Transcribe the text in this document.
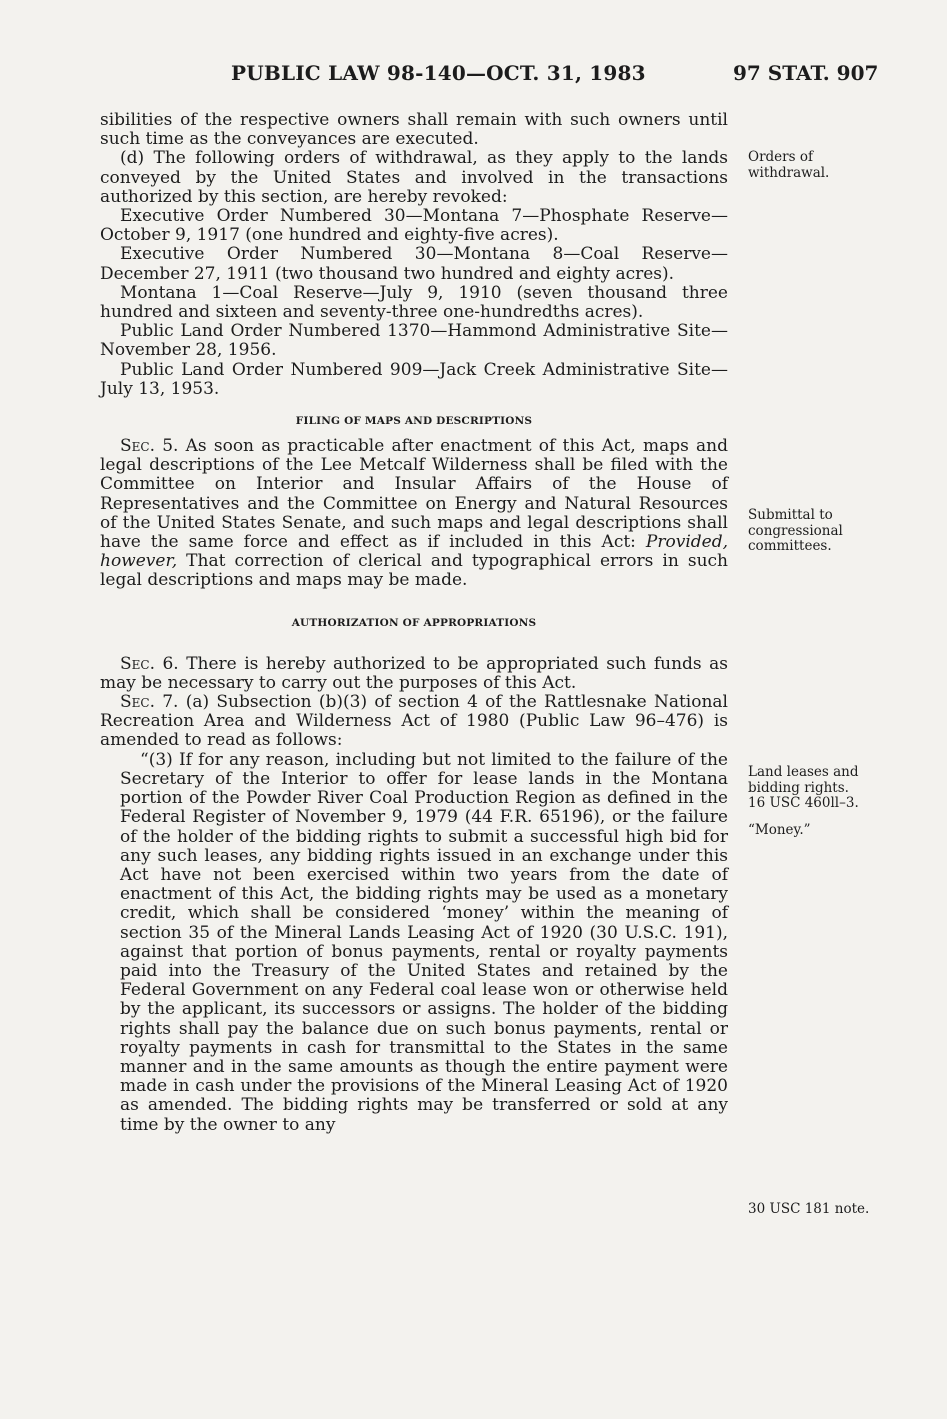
PUBLIC LAW 98-140—OCT. 31, 1983	97 STAT. 907

sibilities of the respective owners shall remain with such owners until such time as the conveyances are executed.

(d) The following orders of withdrawal, as they apply to the lands conveyed by the United States and involved in the transactions authorized by this section, are hereby revoked:

Executive Order Numbered 30—Montana 7—Phosphate Reserve—October 9, 1917 (one hundred and eighty-five acres).

Executive Order Numbered 30—Montana 8—Coal Reserve—December 27, 1911 (two thousand two hundred and eighty acres).

Montana 1—Coal Reserve—July 9, 1910 (seven thousand three hundred and sixteen and seventy-three one-hundredths acres).

Public Land Order Numbered 1370—Hammond Administrative Site—November 28, 1956.

Public Land Order Numbered 909—Jack Creek Administrative Site—July 13, 1953.

FILING OF MAPS AND DESCRIPTIONS

Sec. 5. As soon as practicable after enactment of this Act, maps and legal descriptions of the Lee Metcalf Wilderness shall be filed with the Committee on Interior and Insular Affairs of the House of Representatives and the Committee on Energy and Natural Resources of the United States Senate, and such maps and legal descriptions shall have the same force and effect as if included in this Act: Provided, however, That correction of clerical and typographical errors in such legal descriptions and maps may be made.

AUTHORIZATION OF APPROPRIATIONS

Sec. 6. There is hereby authorized to be appropriated such funds as may be necessary to carry out the purposes of this Act.

Sec. 7. (a) Subsection (b)(3) of section 4 of the Rattlesnake National Recreation Area and Wilderness Act of 1980 (Public Law 96–476) is amended to read as follows:

“(3) If for any reason, including but not limited to the failure of the Secretary of the Interior to offer for lease lands in the Montana portion of the Powder River Coal Production Region as defined in the Federal Register of November 9, 1979 (44 F.R. 65196), or the failure of the holder of the bidding rights to submit a successful high bid for any such leases, any bidding rights issued in an exchange under this Act have not been exercised within two years from the date of enactment of this Act, the bidding rights may be used as a monetary credit, which shall be considered ‘money’ within the meaning of section 35 of the Mineral Lands Leasing Act of 1920 (30 U.S.C. 191), against that portion of bonus payments, rental or royalty payments paid into the Treasury of the United States and retained by the Federal Government on any Federal coal lease won or otherwise held by the applicant, its successors or assigns. The holder of the bidding rights shall pay the balance due on such bonus payments, rental or royalty payments in cash for transmittal to the States in the same manner and in the same amounts as though the entire payment were made in cash under the provisions of the Mineral Leasing Act of 1920 as amended. The bidding rights may be transferred or sold at any time by the owner to any

Orders of

withdrawal.

Submittal to

congressional

committees.

Land leases and

bidding rights.

16 USC 460ll–3.

“Money.”

30 USC 181 note.
